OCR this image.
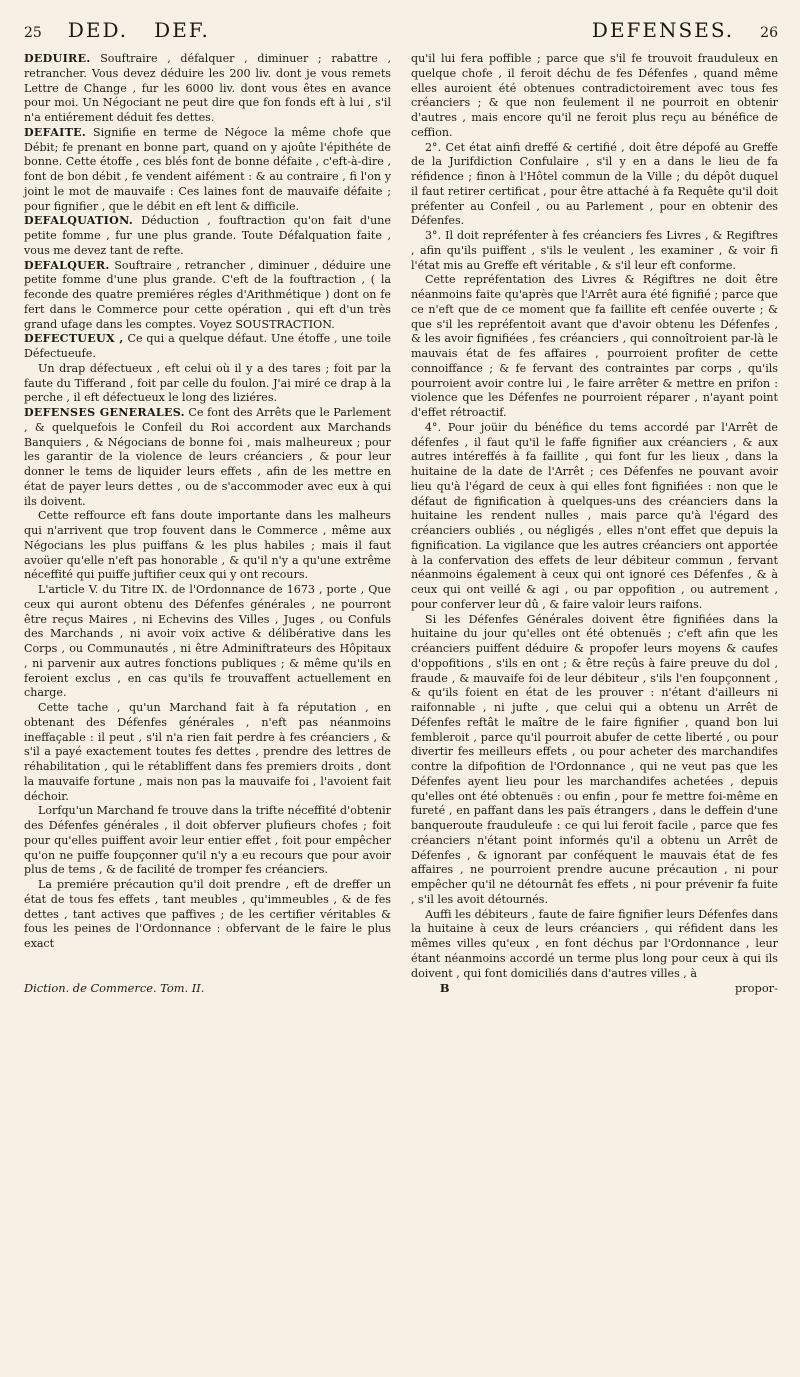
25 DED. DEF.	DEFENSES. 26

DEDUIRE. Souftraire , défalquer , diminuer ; rabattre , retrancher. Vous devez déduire les 200 liv. dont je vous remets Lettre de Change , fur les 6000 liv. dont vous êtes en avance pour moi. Un Négociant ne peut dire que fon fonds eft à lui , s'il n'a entiérement déduit fes dettes.

DEFAITE. Signifie en terme de Négoce la même chofe que Débit; fe prenant en bonne part, quand on y ajoûte l'épithéte de bonne. Cette étoffe , ces blés font de bonne défaite , c'eft-à-dire , font de bon débit , fe vendent aifément : & au contraire , fi l'on y joint le mot de mauvaife : Ces laines font de mauvaife défaite ; pour fignifier , que le débit en eft lent & difficile.

DEFALQUATION. Déduction , fouftraction qu'on fait d'une petite fomme , fur une plus grande. Toute Défalquation faite , vous me devez tant de refte.

DEFALQUER. Souftraire , retrancher , diminuer , déduire une petite fomme d'une plus grande. C'eft de la fouftraction , ( la feconde des quatre premiéres régles d'Arithmétique ) dont on fe fert dans le Commerce pour cette opération , qui eft d'un très grand ufage dans les comptes. Voyez SOUSTRACTION.

DEFECTUEUX , Ce qui a quelque défaut. Une étoffe , une toile Défectueufe.

Un drap défectueux , eft celui où il y a des tares ; foit par la faute du Tifferand , foit par celle du foulon. J'ai miré ce drap à la perche , il eft défectueux le long des liziéres.

DEFENSES GENERALES. Ce font des Arrêts que le Parlement , & quelquefois le Confeil du Roi accordent aux Marchands Banquiers , & Négocians de bonne foi , mais malheureux ; pour les garantir de la violence de leurs créanciers , & pour leur donner le tems de liquider leurs effets , afin de les mettre en état de payer leurs dettes , ou de s'accommoder avec eux à qui ils doivent.

Cette reffource eft fans doute importante dans les malheurs qui n'arrivent que trop fouvent dans le Commerce , même aux Négocians les plus puiffans & les plus habiles ; mais il faut avoüer qu'elle n'eft pas honorable , & qu'il n'y a qu'une extrême néceffité qui puiffe juftifier ceux qui y ont recours.

L'article V. du Titre IX. de l'Ordonnance de 1673 , porte , Que ceux qui auront obtenu des Défenfes générales , ne pourront être reçus Maires , ni Echevins des Villes , Juges , ou Confuls des Marchands , ni avoir voix active & délibérative dans les Corps , ou Communautés , ni être Adminiftrateurs des Hôpitaux , ni parvenir aux autres fonctions publiques ; & même qu'ils en feroient exclus , en cas qu'ils fe trouvaffent actuellement en charge.

Cette tache , qu'un Marchand fait à fa réputation , en obtenant des Défenfes générales , n'eft pas néanmoins ineffaçable : il peut , s'il n'a rien fait perdre à fes créanciers , & s'il a payé exactement toutes fes dettes , prendre des lettres de réhabilitation , qui le rétabliffent dans fes premiers droits , dont la mauvaife fortune , mais non pas la mauvaife foi , l'avoient fait déchoir.

Lorfqu'un Marchand fe trouve dans la trifte néceffité d'obtenir des Défenfes générales , il doit obferver plufieurs chofes ; foit pour qu'elles puiffent avoir leur entier effet , foit pour empêcher qu'on ne puiffe foupçonner qu'il n'y a eu recours que pour avoir plus de tems , & de facilité de tromper fes créanciers.

La premiére précaution qu'il doit prendre , eft de dreffer un état de tous fes effets , tant meubles , qu'immeubles , & de fes dettes , tant actives que paffives ; de les certifier véritables & fous les peines de l'Ordonnance : obfervant de le faire le plus exact

qu'il lui fera poffible ; parce que s'il fe trouvoit frauduleux en quelque chofe , il feroit déchu de fes Défenfes , quand même elles auroient été obtenues contradictoirement avec tous fes créanciers ; & que non feulement il ne pourroit en obtenir d'autres , mais encore qu'il ne feroit plus reçu au bénéfice de ceffion.

2°. Cet état ainfi dreffé & certifié , doit être dépofé au Greffe de la Jurifdiction Confulaire , s'il y en a dans le lieu de fa réfidence ; finon à l'Hôtel commun de la Ville ; du dépôt duquel il faut retirer certificat , pour être attaché à fa Requête qu'il doit préfenter au Confeil , ou au Parlement , pour en obtenir des Défenfes.

3°. Il doit repréfenter à fes créanciers fes Livres , & Regiftres , afin qu'ils puiffent , s'ils le veulent , les examiner , & voir fi l'état mis au Greffe eft véritable , & s'il leur eft conforme.

Cette repréfentation des Livres & Régiftres ne doit être néanmoins faite qu'après que l'Arrêt aura été fignifié ; parce que ce n'eft que de ce moment que fa faillite eft cenfée ouverte ; & que s'il les repréfentoit avant que d'avoir obtenu les Défenfes , & les avoir fignifiées , fes créanciers , qui connoîtroient par-là le mauvais état de fes affaires , pourroient profiter de cette connoiffance ; & fe fervant des contraintes par corps , qu'ils pourroient avoir contre lui , le faire arrêter & mettre en prifon : violence que les Défenfes ne pourroient réparer , n'ayant point d'effet rétroactif.

4°. Pour joüir du bénéfice du tems accordé par l'Arrêt de défenfes , il faut qu'il le faffe fignifier aux créanciers , & aux autres intéreffés à fa faillite , qui font fur les lieux , dans la huitaine de la date de l'Arrêt ; ces Défenfes ne pouvant avoir lieu qu'à l'égard de ceux à qui elles font fignifiées : non que le défaut de fignification à quelques-uns des créanciers dans la huitaine les rendent nulles , mais parce qu'à l'égard des créanciers oubliés , ou négligés , elles n'ont effet que depuis la fignification. La vigilance que les autres créanciers ont apportée à la confervation des effets de leur débiteur commun , fervant néanmoins également à ceux qui ont ignoré ces Défenfes , & à ceux qui ont veillé & agi , ou par oppofition , ou autrement , pour conferver leur dû , & faire valoir leurs raifons.

Si les Défenfes Générales doivent être fignifiées dans la huitaine du jour qu'elles ont été obtenuës ; c'eft afin que les créanciers puiffent déduire & propofer leurs moyens & caufes d'oppofitions , s'ils en ont ; & être reçûs à faire preuve du dol , fraude , & mauvaife foi de leur débiteur , s'ils l'en foupçonnent , & qu'ils foient en état de les prouver : n'étant d'ailleurs ni raifonnable , ni jufte , que celui qui a obtenu un Arrêt de Défenfes reftât le maître de le faire fignifier , quand bon lui fembleroit , parce qu'il pourroit abufer de cette liberté , ou pour divertir fes meilleurs effets , ou pour acheter des marchandifes contre la difpofition de l'Ordonnance , qui ne veut pas que les Défenfes ayent lieu pour les marchandifes achetées , depuis qu'elles ont été obtenuës : ou enfin , pour fe mettre foi-même en fureté , en paffant dans les païs étrangers , dans le deffein d'une banqueroute frauduleufe : ce qui lui feroit facile , parce que fes créanciers n'étant point informés qu'il a obtenu un Arrêt de Défenfes , & ignorant par conféquent le mauvais état de fes affaires , ne pourroient prendre aucune précaution , ni pour empêcher qu'il ne détournât fes effets , ni pour prévenir fa fuite , s'il les avoit détournés.

Auffi les débiteurs , faute de faire fignifier leurs Défenfes dans la huitaine à ceux de leurs créanciers , qui réfident dans les mêmes villes qu'eux , en font déchus par l'Ordonnance , leur étant néanmoins accordé un terme plus long pour ceux à qui ils doivent , qui font domiciliés dans d'autres villes , à

Diction. de Commerce. Tom. II.	B	propor-
